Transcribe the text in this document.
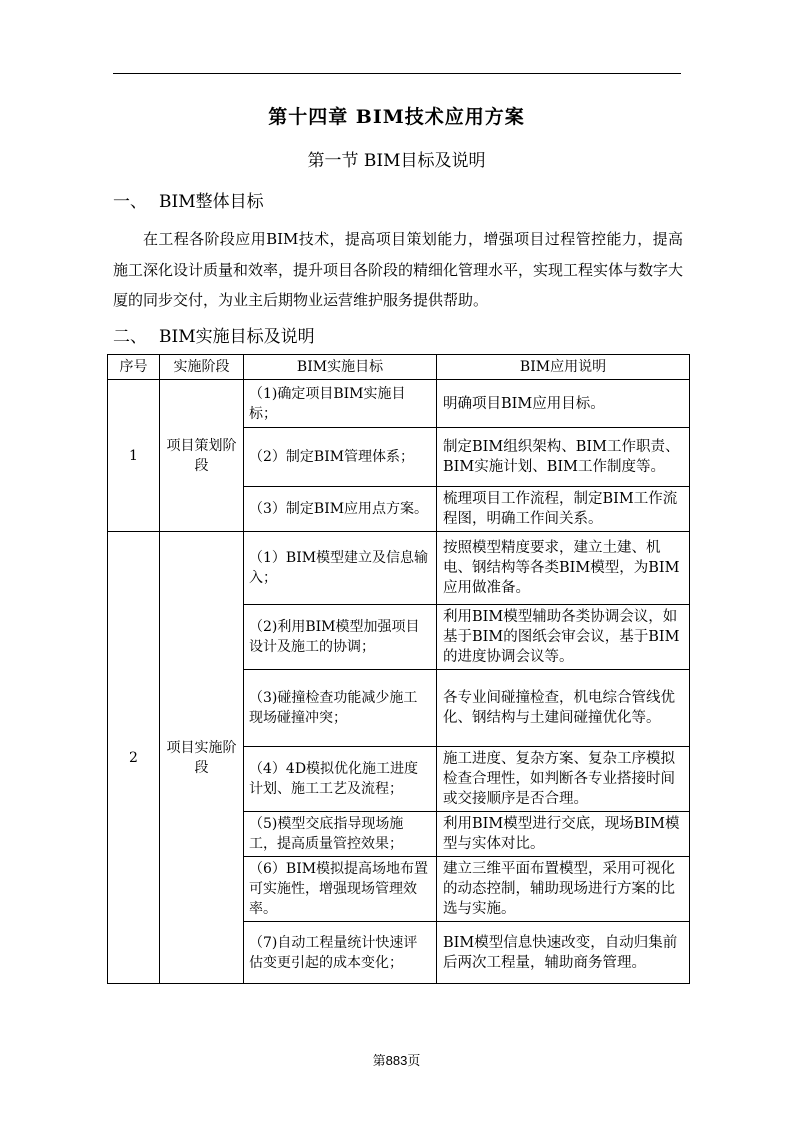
第十四章 BIM技术应用方案
第一节 BIM目标及说明
一、 BIM整体目标
在工程各阶段应用BIM技术，提高项目策划能力，增强项目过程管控能力，提高施工深化设计质量和效率，提升项目各阶段的精细化管理水平，实现工程实体与数字大厦的同步交付，为业主后期物业运营维护服务提供帮助。
二、 BIM实施目标及说明
序号	实施阶段	BIM实施目标	BIM应用说明
1	项目策划阶段	（1)确定项目BIM实施目标；	明确项目BIM应用目标。
		（2）制定BIM管理体系；	制定BIM组织架构、BIM工作职责、BIM实施计划、BIM工作制度等。
		（3）制定BIM应用点方案。	梳理项目工作流程，制定BIM工作流程图，明确工作间关系。
2	项目实施阶段	（1）BIM模型建立及信息输入；	按照模型精度要求，建立土建、机电、钢结构等各类BIM模型，为BIM应用做准备。
		（2)利用BIM模型加强项目设计及施工的协调；	利用BIM模型辅助各类协调会议，如基于BIM的图纸会审会议，基于BIM的进度协调会议等。
		（3)碰撞检查功能减少施工现场碰撞冲突；	各专业间碰撞检查，机电综合管线优化、钢结构与土建间碰撞优化等。
		（4）4D模拟优化施工进度计划、施工工艺及流程；	施工进度、复杂方案、复杂工序模拟检查合理性，如判断各专业搭接时间或交接顺序是否合理。
		（5)模型交底指导现场施工，提高质量管控效果；	利用BIM模型进行交底，现场BIM模型与实体对比。
		（6）BIM模拟提高场地布置可实施性，增强现场管理效率。	建立三维平面布置模型，采用可视化的动态控制，辅助现场进行方案的比选与实施。
		（7)自动工程量统计快速评估变更引起的成本变化；	BIM模型信息快速改变，自动归集前后两次工程量，辅助商务管理。
第883页
